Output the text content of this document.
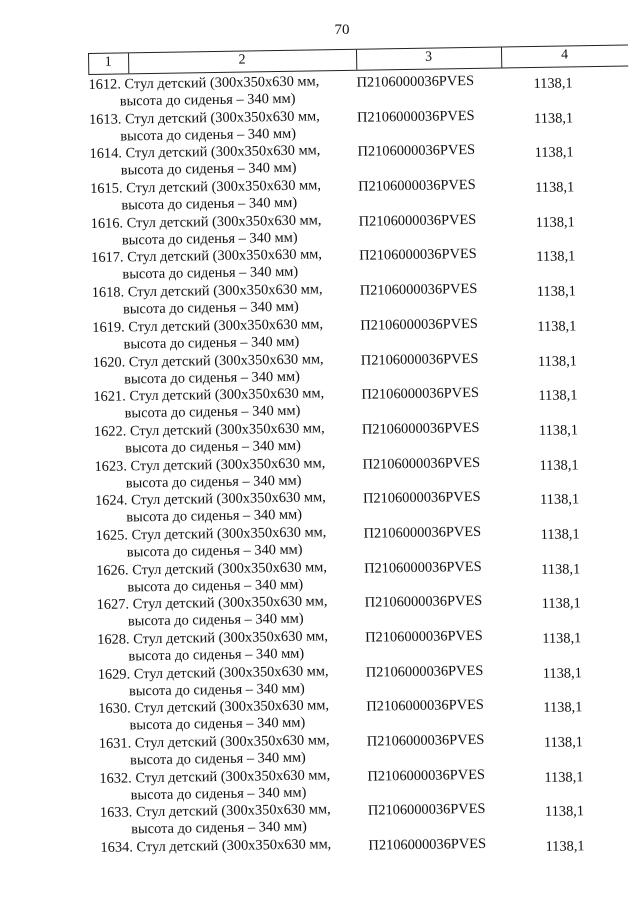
70
1	2	3	4
1612. Стул детский (300х350х630 мм,
высота до сиденья – 340 мм)
П2106000036PVES	1138,1
1613. Стул детский (300х350х630 мм,
высота до сиденья – 340 мм)
П2106000036PVES	1138,1
1614. Стул детский (300х350х630 мм,
высота до сиденья – 340 мм)
П2106000036PVES	1138,1
1615. Стул детский (300х350х630 мм,
высота до сиденья – 340 мм)
П2106000036PVES	1138,1
1616. Стул детский (300х350х630 мм,
высота до сиденья – 340 мм)
П2106000036PVES	1138,1
1617. Стул детский (300х350х630 мм,
высота до сиденья – 340 мм)
П2106000036PVES	1138,1
1618. Стул детский (300х350х630 мм,
высота до сиденья – 340 мм)
П2106000036PVES	1138,1
1619. Стул детский (300х350х630 мм,
высота до сиденья – 340 мм)
П2106000036PVES	1138,1
1620. Стул детский (300х350х630 мм,
высота до сиденья – 340 мм)
П2106000036PVES	1138,1
1621. Стул детский (300х350х630 мм,
высота до сиденья – 340 мм)
П2106000036PVES	1138,1
1622. Стул детский (300х350х630 мм,
высота до сиденья – 340 мм)
П2106000036PVES	1138,1
1623. Стул детский (300х350х630 мм,
высота до сиденья – 340 мм)
П2106000036PVES	1138,1
1624. Стул детский (300х350х630 мм,
высота до сиденья – 340 мм)
П2106000036PVES	1138,1
1625. Стул детский (300х350х630 мм,
высота до сиденья – 340 мм)
П2106000036PVES	1138,1
1626. Стул детский (300х350х630 мм,
высота до сиденья – 340 мм)
П2106000036PVES	1138,1
1627. Стул детский (300х350х630 мм,
высота до сиденья – 340 мм)
П2106000036PVES	1138,1
1628. Стул детский (300х350х630 мм,
высота до сиденья – 340 мм)
П2106000036PVES	1138,1
1629. Стул детский (300х350х630 мм,
высота до сиденья – 340 мм)
П2106000036PVES	1138,1
1630. Стул детский (300х350х630 мм,
высота до сиденья – 340 мм)
П2106000036PVES	1138,1
1631. Стул детский (300х350х630 мм,
высота до сиденья – 340 мм)
П2106000036PVES	1138,1
1632. Стул детский (300х350х630 мм,
высота до сиденья – 340 мм)
П2106000036PVES	1138,1
1633. Стул детский (300х350х630 мм,
высота до сиденья – 340 мм)
П2106000036PVES	1138,1
1634. Стул детский (300х350х630 мм,	П2106000036PVES	1138,1
